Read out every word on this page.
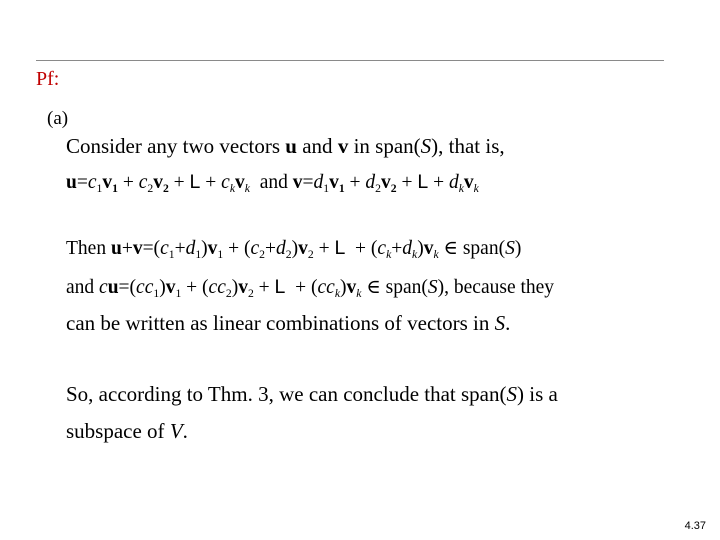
Pf:
(a)
Consider any two vectors u and v in span(S), that is,
$u=c_1v_1 + c_2v_2 + L + c_kv_k$  and $v=d_1v_1 + d_2v_2 + L + d_kv_k$
Then $u+v=(c_1+d_1)v_1 + (c_2+d_2)v_2 + L + (c_k+d_k)v_k$ ∈ span(S)
and $cu=(cc_1)v_1 + (cc_2)v_2 + L + (cc_k)v_k$ ∈ span(S), because they
can be written as linear combinations of vectors in S.
So, according to Thm. 3, we can conclude that span(S) is a
subspace of V.
4.37
